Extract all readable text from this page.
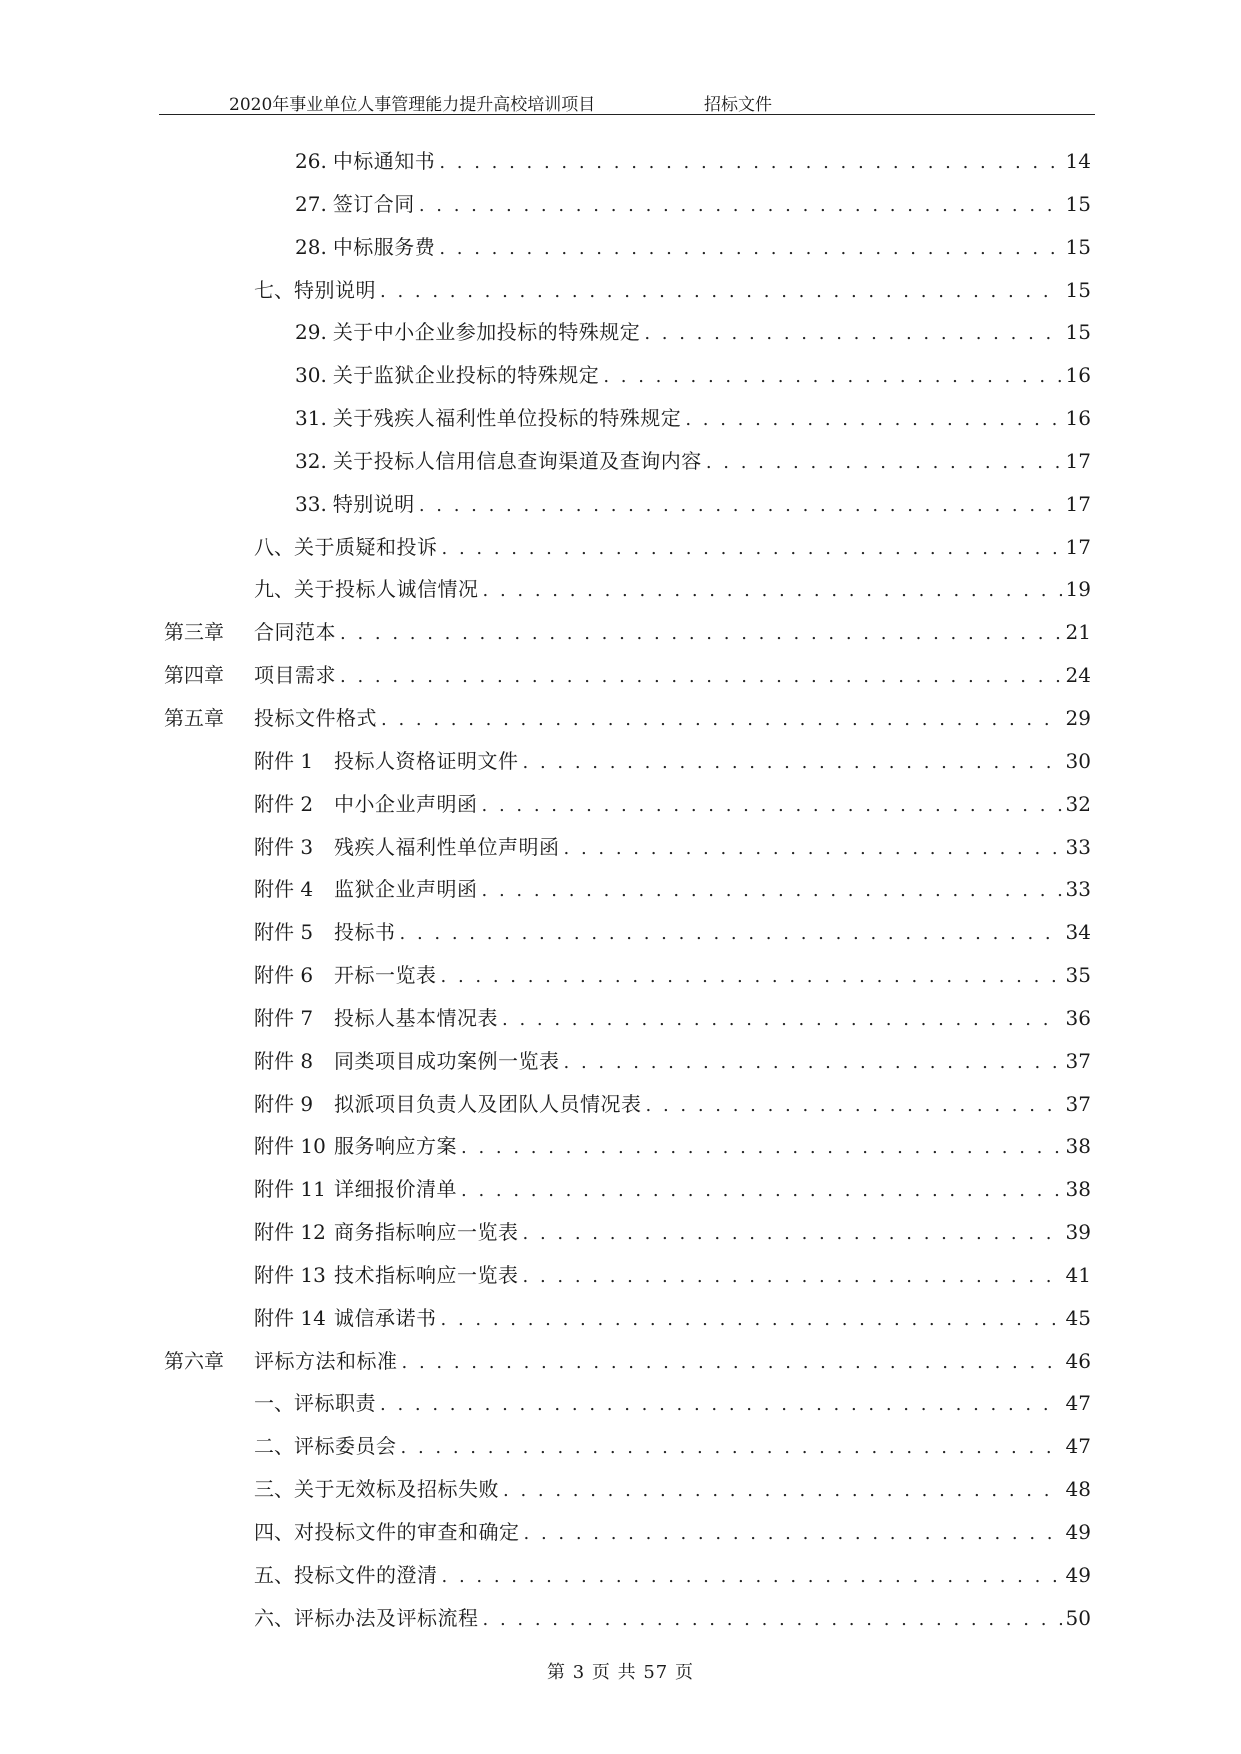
2020年事业单位人事管理能力提升高校培训项目	招标文件
26. 中标通知书 . . .	14
27. 签订合同 . . .	15
28. 中标服务费 . . .	15
七、 特别说明 . . .	15
29. 关于中小企业参加投标的特殊规定 . . .	15
30. 关于监狱企业投标的特殊规定 . . .	16
31. 关于残疾人福利性单位投标的特殊规定 . . .	16
32. 关于投标人信用信息查询渠道及查询内容 . . .	17
33. 特别说明 . . .	17
八、 关于质疑和投诉 . . .	17
九、 关于投标人诚信情况 . . .	19
第三章	合同范本 . . .	21
第四章	项目需求 . . .	24
第五章	投标文件格式 . . .	29
附件 1	投标人资格证明文件 . . .	30
附件 2	中小企业声明函 . . .	32
附件 3	残疾人福利性单位声明函 . . .	33
附件 4	监狱企业声明函 . . .	33
附件 5	投标书 . . .	34
附件 6	开标一览表 . . .	35
附件 7	投标人基本情况表 . . .	36
附件 8	同类项目成功案例一览表 . . .	37
附件 9	拟派项目负责人及团队人员情况表 . . .	37
附件 10 服务响应方案 . . .	38
附件 11 详细报价清单 . . .	38
附件 12 商务指标响应一览表 . . .	39
附件 13 技术指标响应一览表 . . .	41
附件 14 诚信承诺书 . . .	45
第六章	评标方法和标准 . . .	46
一、 评标职责 . . .	47
二、 评标委员会 . . .	47
三、 关于无效标及招标失败 . . .	48
四、 对投标文件的审查和确定 . . .	49
五、 投标文件的澄清 . . .	49
六、 评标办法及评标流程 . . .	50
第 3 页 共 57 页
